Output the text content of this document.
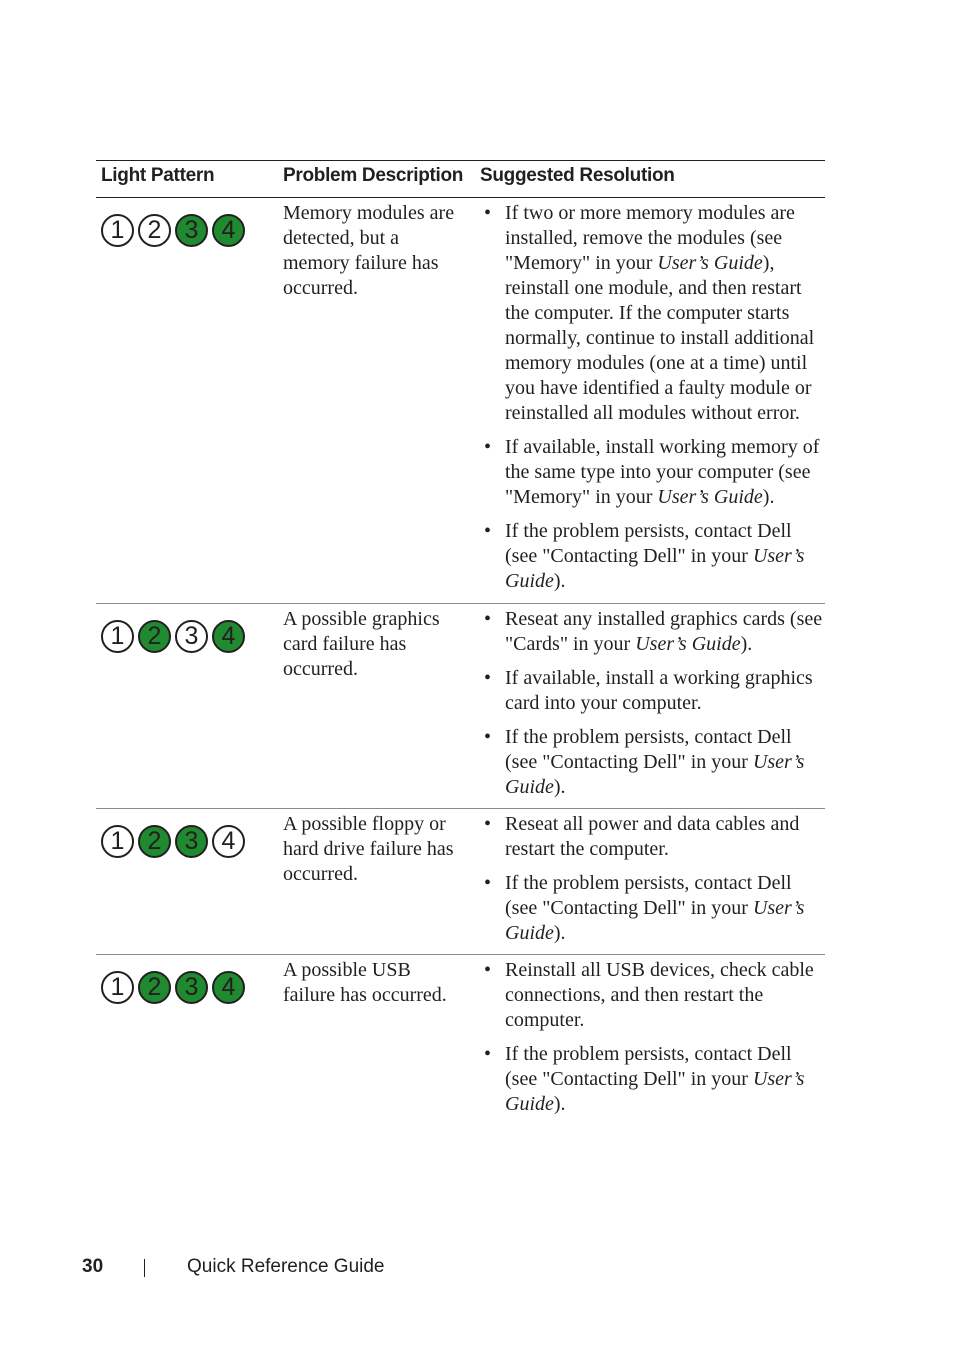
Light Pattern	Problem Description Suggested Resolution
1 2 3 4
Memory modules are detected, but a memory failure has occurred.
• If two or more memory modules are installed, remove the modules (see "Memory" in your User’s Guide), reinstall one module, and then restart the computer. If the computer starts normally, continue to install additional memory modules (one at a time) until you have identified a faulty module or reinstalled all modules without error.
• If available, install working memory of the same type into your computer (see "Memory" in your User’s Guide).
• If the problem persists, contact Dell (see "Contacting Dell" in your User’s Guide).
1 2 3 4
A possible graphics card failure has occurred.
• Reseat any installed graphics cards (see "Cards" in your User’s Guide).
• If available, install a working graphics card into your computer.
• If the problem persists, contact Dell (see "Contacting Dell" in your User’s Guide).
1 2 3 4
A possible floppy or hard drive failure has occurred.
• Reseat all power and data cables and restart the computer.
• If the problem persists, contact Dell (see "Contacting Dell" in your User’s Guide).
1 2 3 4
A possible USB failure has occurred.
• Reinstall all USB devices, check cable connections, and then restart the computer.
• If the problem persists, contact Dell (see "Contacting Dell" in your User’s Guide).
30	Quick Reference Guide
